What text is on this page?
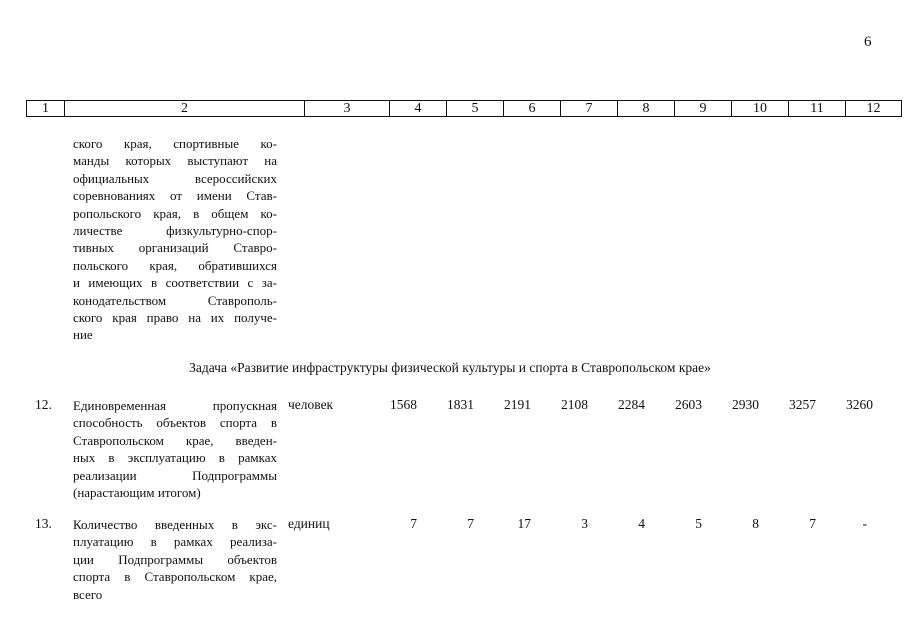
6
1	2	3	4	5	6	7	8	9	10	11	12

ского края, спортивные ко-
манды которых выступают на
официальных всероссийских
соревнованиях от имени Став-
ропольского края, в общем ко-
личестве физкультурно-спор-
тивных организаций Ставро-
польского края, обратившихся
и имеющих в соответствии с за-
конодательством Ставрополь-
ского края право на их получе-
ние

Задача «Развитие инфраструктуры физической культуры и спорта в Ставропольском крае»

12. Единовременная пропускная
способность объектов спорта в
Ставропольском крае, введен-
ных в эксплуатацию в рамках
реализации Подпрограммы
(нарастающим итогом)

человек	1568 1831 2191 2108 2284 2603 2930 3257 3260
13. Количество введенных в экс-
плуатацию в рамках реализа-
ции Подпрограммы объектов
спорта в Ставропольском крае,
всего

единиц	7	7	17	3	4	5	8	7	-
